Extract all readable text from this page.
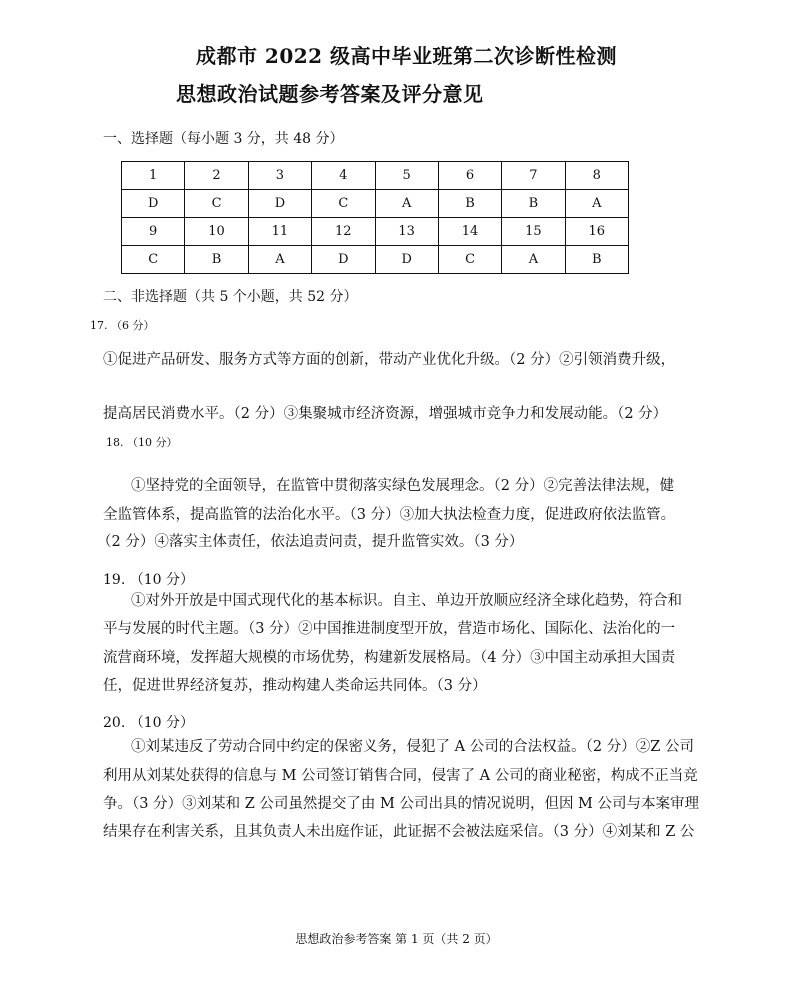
成都市 2022 级高中毕业班第二次诊断性检测
思想政治试题参考答案及评分意见
一、选择题（每小题 3 分，共 48 分）
1	2	3	4	5	6	7	8
D	C	D	C	A	B	B	A
9	10	11	12	13	14	15	16
C	B	A	D	D	C	A	B
二、非选择题（共 5 个小题，共 52 分）
17. （6 分）
①促进产品研发、服务方式等方面的创新，带动产业优化升级。（2 分）②引领消费升级，
提高居民消费水平。（2 分）③集聚城市经济资源，增强城市竞争力和发展动能。（2 分）
18. （10 分）
①坚持党的全面领导，在监管中贯彻落实绿色发展理念。（2 分）②完善法律法规，健
全监管体系，提高监管的法治化水平。（3 分）③加大执法检查力度，促进政府依法监管。
（2 分）④落实主体责任，依法追责问责，提升监管实效。（3 分）
19. （10 分）
①对外开放是中国式现代化的基本标识。自主、单边开放顺应经济全球化趋势，符合和
平与发展的时代主题。（3 分）②中国推进制度型开放，营造市场化、国际化、法治化的一
流营商环境，发挥超大规模的市场优势，构建新发展格局。（4 分）③中国主动承担大国责
任，促进世界经济复苏，推动构建人类命运共同体。（3 分）
20. （10 分）
①刘某违反了劳动合同中约定的保密义务，侵犯了 A 公司的合法权益。（2 分）②Z 公司
利用从刘某处获得的信息与 M 公司签订销售合同，侵害了 A 公司的商业秘密，构成不正当竞
争。（3 分）③刘某和 Z 公司虽然提交了由 M 公司出具的情况说明，但因 M 公司与本案审理
结果存在利害关系，且其负责人未出庭作证，此证据不会被法庭采信。（3 分）④刘某和 Z 公
思想政治参考答案 第 1 页（共 2 页）
